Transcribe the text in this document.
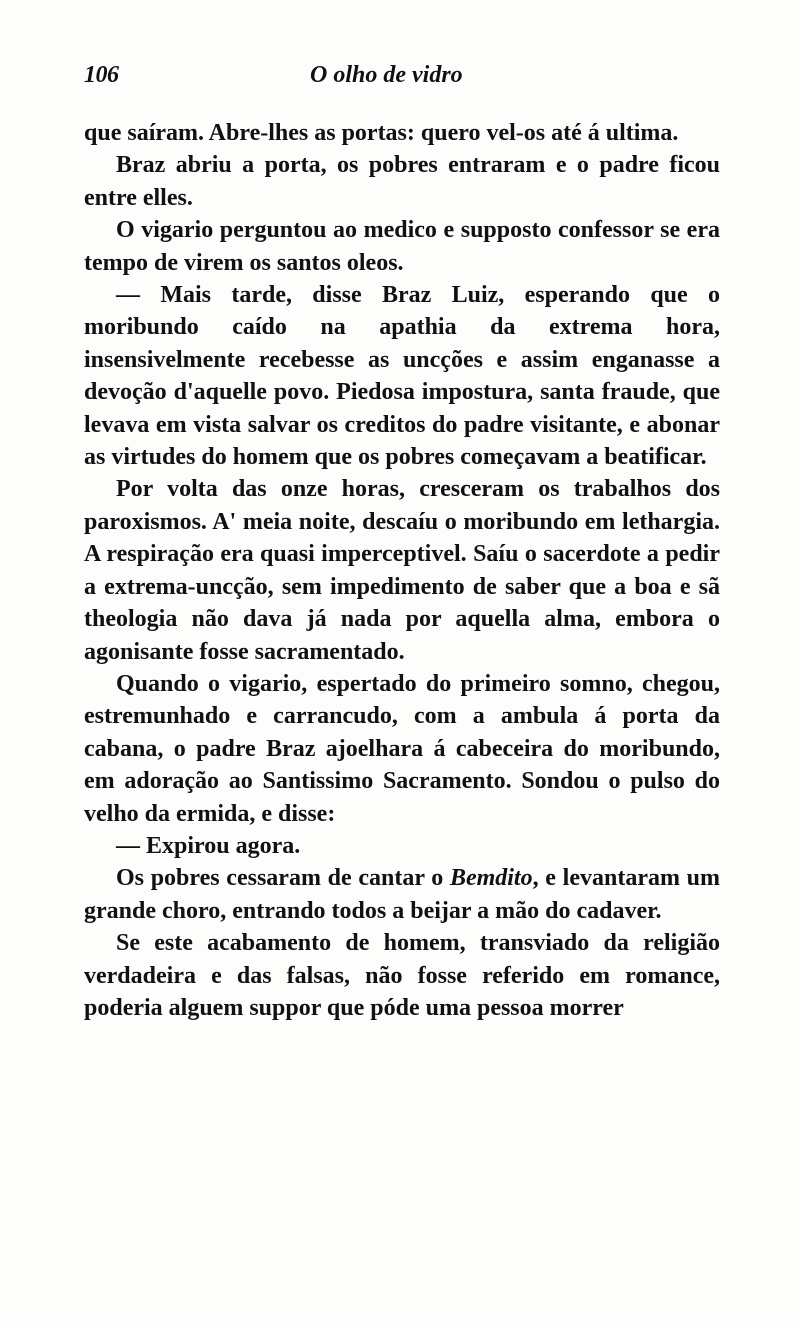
106	O olho de vidro

que saíram. Abre-lhes as portas: quero vel-os até á ultima.

Braz abriu a porta, os pobres entraram e o padre ficou entre elles.

O vigario perguntou ao medico e supposto confessor se era tempo de virem os santos oleos.

— Mais tarde, disse Braz Luiz, esperando que o moribundo caído na apathia da extrema hora, insensivelmente recebesse as uncções e assim enganasse a devoção d'aquelle povo. Piedosa impostura, santa fraude, que levava em vista salvar os creditos do padre visitante, e abonar as virtudes do homem que os pobres começavam a beatificar.

Por volta das onze horas, cresceram os trabalhos dos paroxismos. A' meia noite, descaíu o moribundo em lethargia. A respiração era quasi imperceptivel. Saíu o sacerdote a pedir a extrema-uncção, sem impedimento de saber que a boa e sã theologia não dava já nada por aquella alma, embora o agonisante fosse sacramentado.

Quando o vigario, espertado do primeiro somno, chegou, estremunhado e carrancudo, com a ambula á porta da cabana, o padre Braz ajoelhara á cabeceira do moribundo, em adoração ao Santissimo Sacramento. Sondou o pulso do velho da ermida, e disse:

— Expirou agora.

Os pobres cessaram de cantar o Bemdito, e levantaram um grande choro, entrando todos a beijar a mão do cadaver.

Se este acabamento de homem, transviado da religião verdadeira e das falsas, não fosse referido em romance, poderia alguem suppor que póde uma pessoa morrer
